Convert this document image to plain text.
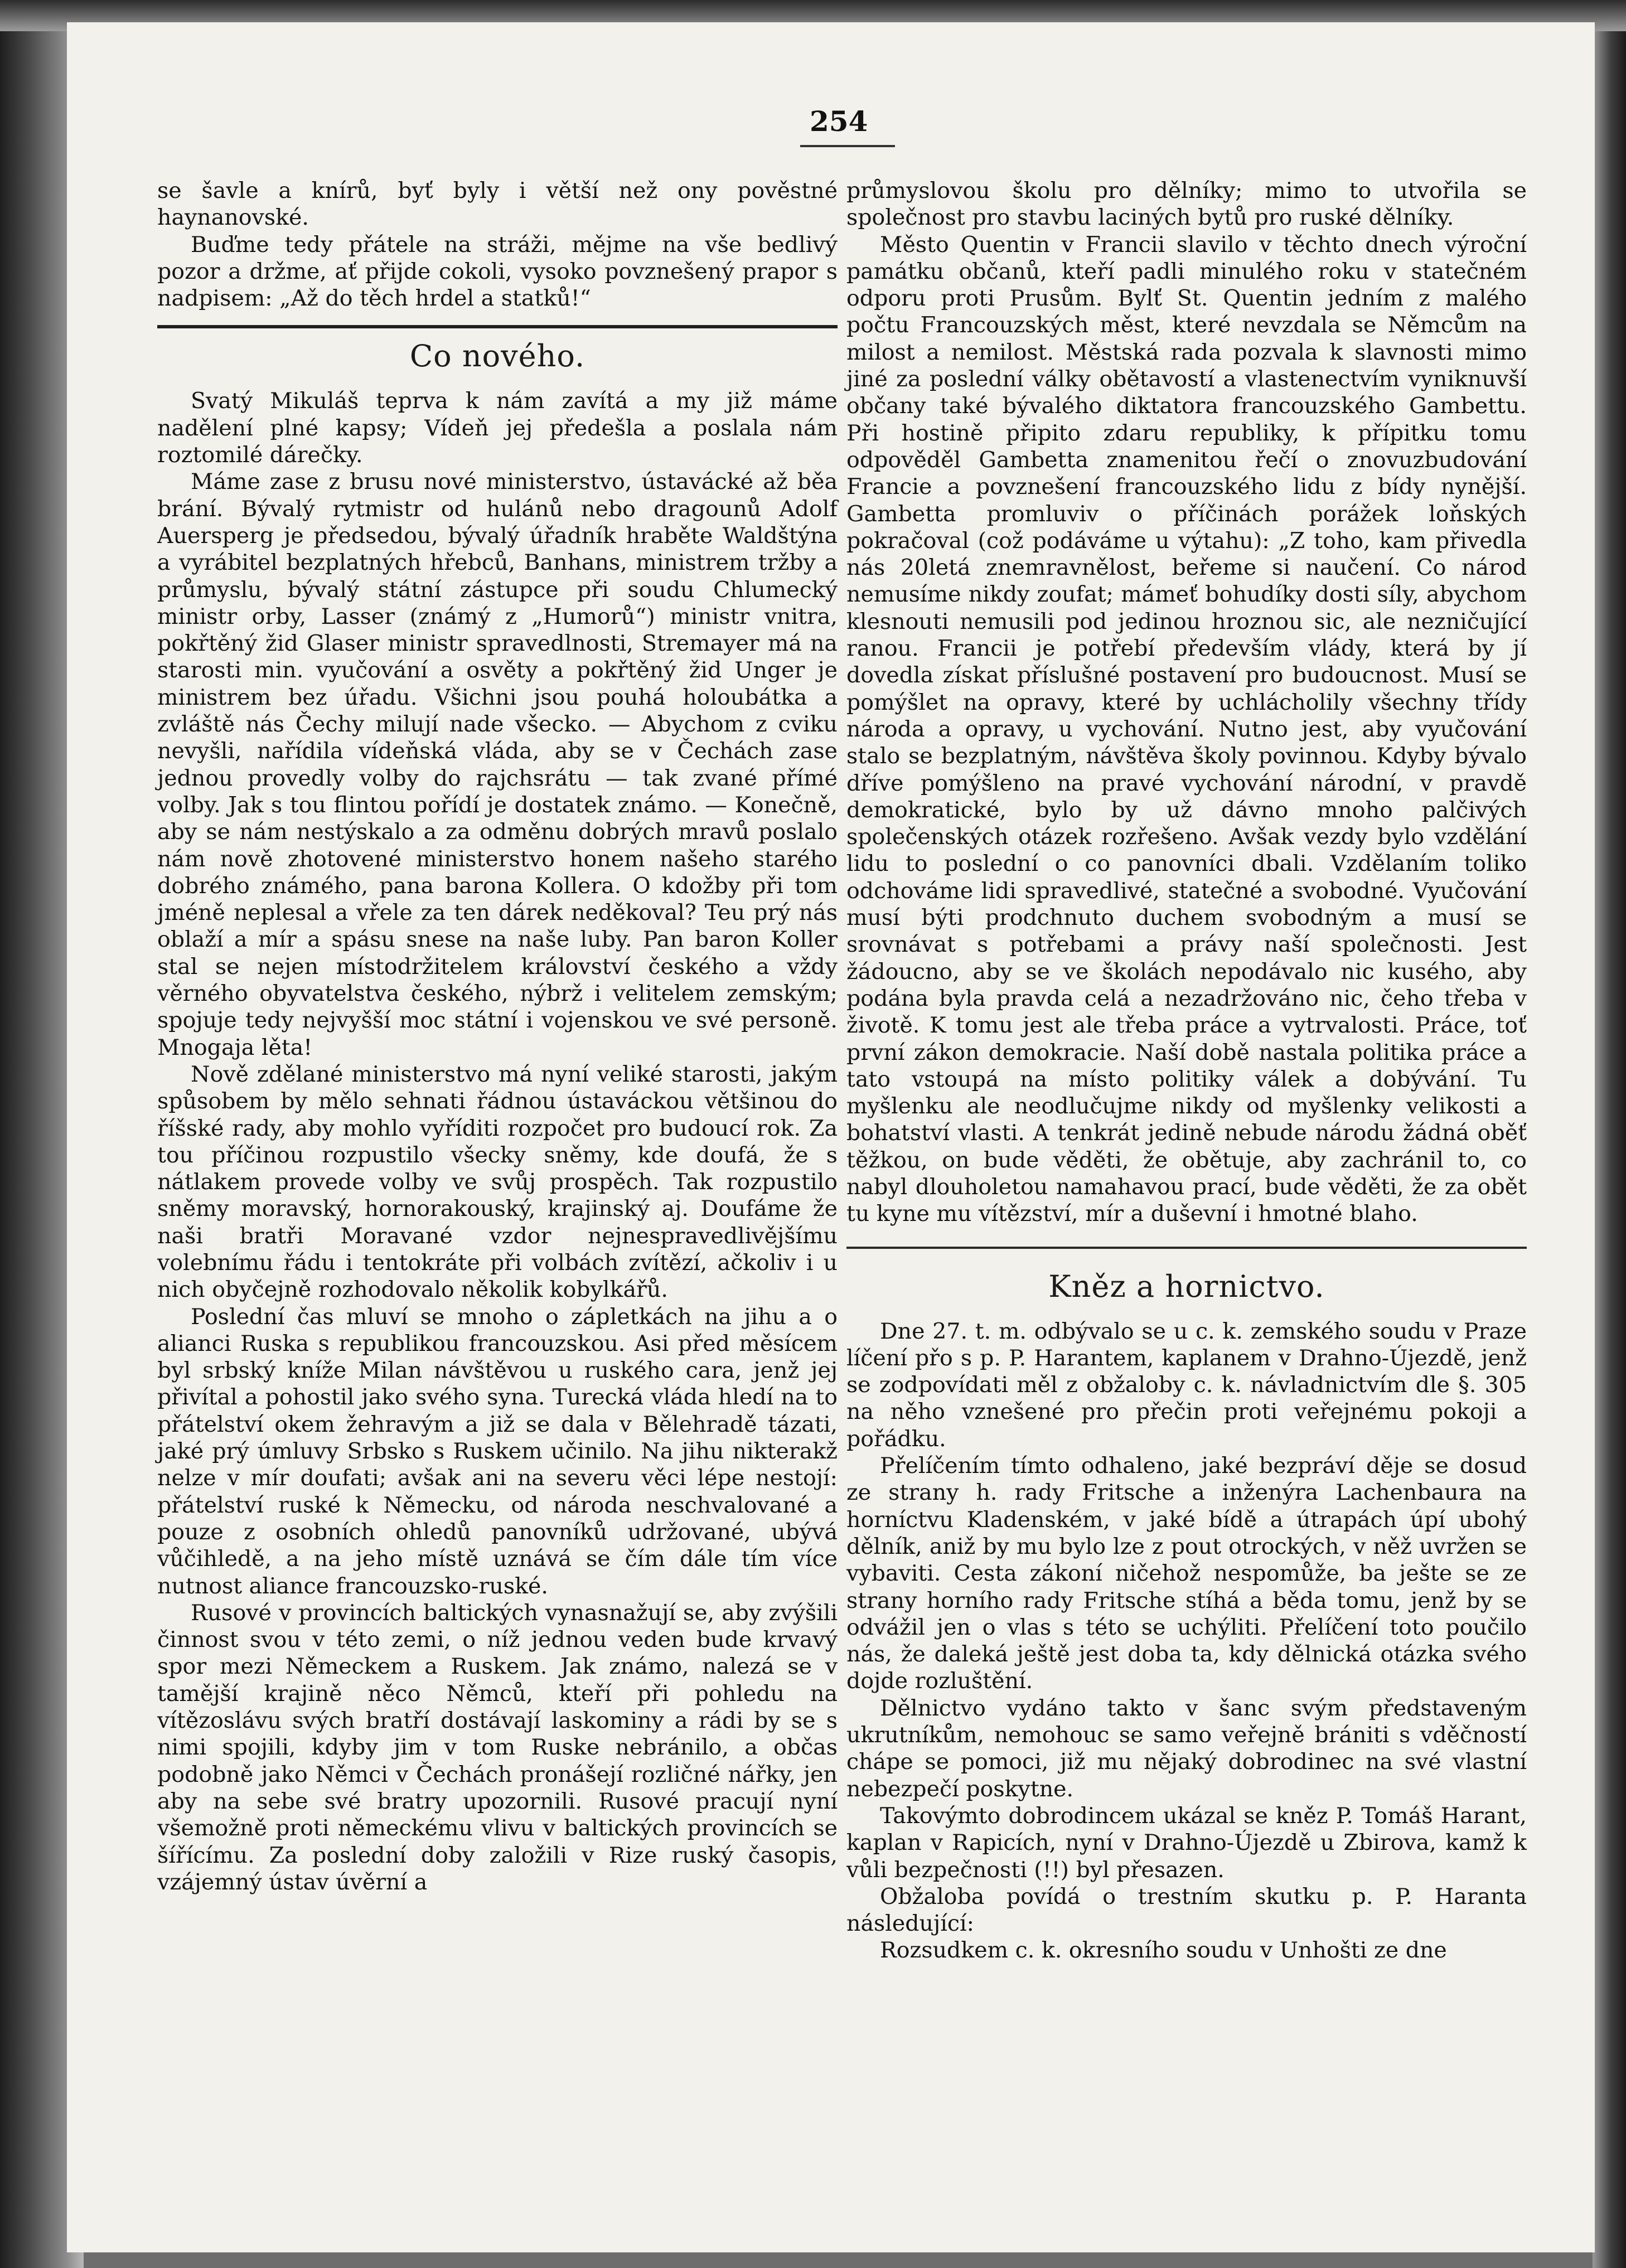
254

se šavle a knírů, byť byly i větší než ony pověstné haynanovské.

Buďme tedy přátele na stráži, mějme na vše bedlivý pozor a držme, ať přijde cokoli, vysoko povznešený prapor s nadpisem: „Až do těch hrdel a statků!“

Co nového.

Svatý Mikuláš teprva k nám zavítá a my již máme nadělení plné kapsy; Vídeň jej předešla a poslala nám roztomilé dárečky.

Máme zase z brusu nové ministerstvo, ústavácké až běa brání. Bývalý rytmistr od hulánů nebo dragounů Adolf Auersperg je předsedou, bývalý úřadník hraběte Waldštýna a vyrábitel bezplatných hřebců, Banhans, ministrem tržby a průmyslu, bývalý státní zástupce při soudu Chlumecký ministr orby, Lasser (známý z „Humorů“) ministr vnitra, pokřtěný žid Glaser ministr spravedlnosti, Stremayer má na starosti min. vyučování a osvěty a pokřtěný žid Unger je ministrem bez úřadu. Všichni jsou pouhá holoubátka a zvláště nás Čechy milují nade všecko. — Abychom z cviku nevyšli, nařídila vídeňská vláda, aby se v Čechách zase jednou provedly volby do rajchsrátu — tak zvané přímé volby. Jak s tou flintou pořídí je dostatek známo. — Konečně, aby se nám nestýskalo a za odměnu dobrých mravů poslalo nám nově zhotovené ministerstvo honem našeho starého dobrého známého, pana barona Kollera. O kdožby při tom jméně neplesal a vřele za ten dárek neděkoval? Teu prý nás oblaží a mír a spásu snese na naše luby. Pan baron Koller stal se nejen místodržitelem království českého a vždy věrného obyvatelstva českého, nýbrž i velitelem zemským; spojuje tedy nejvyšší moc státní i vojenskou ve své personě. Mnogaja lěta!

Nově zdělané ministerstvo má nyní veliké starosti, jakým spůsobem by mělo sehnati řádnou ústaváckou většinou do říšské rady, aby mohlo vyříditi rozpočet pro budoucí rok. Za tou příčinou rozpustilo všecky sněmy, kde doufá, že s nátlakem provede volby ve svůj prospěch. Tak rozpustilo sněmy moravský, hornorakouský, krajinský aj. Doufáme že naši bratři Moravané vzdor nejnespravedlivějšímu volebnímu řádu i tentokráte při volbách zvítězí, ačkoliv i u nich obyčejně rozhodovalo několik kobylkářů.

Poslední čas mluví se mnoho o zápletkách na jihu a o alianci Ruska s republikou francouzskou. Asi před měsícem byl srbský kníže Milan návštěvou u ruského cara, jenž jej přivítal a pohostil jako svého syna. Turecká vláda hledí na to přátelství okem žehravým a již se dala v Bělehradě tázati, jaké prý úmluvy Srbsko s Ruskem učinilo. Na jihu nikterakž nelze v mír doufati; avšak ani na severu věci lépe nestojí: přátelství ruské k Německu, od národa neschvalované a pouze z osobních ohledů panovníků udržované, ubývá vůčihledě, a na jeho místě uznává se čím dále tím více nutnost aliance francouzsko-ruské.

Rusové v provincích baltických vynasnažují se, aby zvýšili činnost svou v této zemi, o níž jednou veden bude krvavý spor mezi Německem a Ruskem. Jak známo, nalezá se v tamější krajině něco Němců, kteří při pohledu na vítězoslávu svých bratří dostávají laskominy a rádi by se s nimi spojili, kdyby jim v tom Ruske nebránilo, a občas podobně jako Němci v Čechách pronášejí rozličné nářky, jen aby na sebe své bratry upozornili. Rusové pracují nyní všemožně proti německému vlivu v baltických provincích se šířícímu. Za poslední doby založili v Rize ruský časopis, vzájemný ústav úvěrní a

průmyslovou školu pro dělníky; mimo to utvořila se společnost pro stavbu laciných bytů pro ruské dělníky.

Město Quentin v Francii slavilo v těchto dnech výroční památku občanů, kteří padli minulého roku v statečném odporu proti Prusům. Bylť St. Quentin jedním z malého počtu Francouzských měst, které nevzdala se Němcům na milost a nemilost. Městská rada pozvala k slavnosti mimo jiné za poslední války obětavostí a vlastenectvím vyniknuvší občany také bývalého diktatora francouzského Gambettu. Při hostině připito zdaru republiky, k přípitku tomu odpověděl Gambetta znamenitou řečí o znovuzbudování Francie a povznešení francouzského lidu z bídy nynější. Gambetta promluviv o příčinách porážek loňských pokračoval (což podáváme u výtahu): „Z toho, kam přivedla nás 20letá znemravnělost, beřeme si naučení. Co národ nemusíme nikdy zoufat; mámeť bohudíky dosti síly, abychom klesnouti nemusili pod jedinou hroznou sic, ale nezničující ranou. Francii je potřebí především vlády, která by jí dovedla získat příslušné postavení pro budoucnost. Musí se pomýšlet na opravy, které by uchlácholily všechny třídy národa a opravy, u vychování. Nutno jest, aby vyučování stalo se bezplatným, návštěva školy povinnou. Kdyby bývalo dříve pomýšleno na pravé vychování národní, v pravdě demokratické, bylo by už dávno mnoho palčivých společenských otázek rozřešeno. Avšak vezdy bylo vzdělání lidu to poslední o co panovníci dbali. Vzdělaním toliko odchováme lidi spravedlivé, statečné a svobodné. Vyučování musí býti prodchnuto duchem svobodným a musí se srovnávat s potřebami a právy naší společnosti. Jest žádoucno, aby se ve školách nepodávalo nic kusého, aby podána byla pravda celá a nezadržováno nic, čeho třeba v životě. K tomu jest ale třeba práce a vytrvalosti. Práce, toť první zákon demokracie. Naší době nastala politika práce a tato vstoupá na místo politiky válek a dobývání. Tu myšlenku ale neodlučujme nikdy od myšlenky velikosti a bohatství vlasti. A tenkrát jedině nebude národu žádná oběť těžkou, on bude věděti, že obětuje, aby zachránil to, co nabyl dlouholetou namahavou prací, bude věděti, že za obět tu kyne mu vítězství, mír a duševní i hmotné blaho.

Kněz a hornictvo.

Dne 27. t. m. odbývalo se u c. k. zemského soudu v Praze líčení přo s p. P. Harantem, kaplanem v Drahno-Újezdě, jenž se zodpovídati měl z obžaloby c. k. návladnictvím dle §. 305 na něho vznešené pro přečin proti veřejnému pokoji a pořádku.

Přelíčením tímto odhaleno, jaké bezpráví děje se dosud ze strany h. rady Fritsche a inženýra Lachenbaura na horníctvu Kladenském, v jaké bídě a útrapách úpí ubohý dělník, aniž by mu bylo lze z pout otrockých, v něž uvržen se vybaviti. Cesta zákoní ničehož nespomůže, ba ješte se ze strany horního rady Fritsche stíhá a běda tomu, jenž by se odvážil jen o vlas s této se uchýliti. Přelíčení toto poučilo nás, že daleká ještě jest doba ta, kdy dělnická otázka svého dojde rozluštění.

Dělnictvo vydáno takto v šanc svým představeným ukrutníkům, nemohouc se samo veřejně brániti s vděčností chápe se pomoci, již mu nějaký dobrodinec na své vlastní nebezpečí poskytne.

Takovýmto dobrodincem ukázal se kněz P. Tomáš Harant, kaplan v Rapicích, nyní v Drahno-Újezdě u Zbirova, kamž k vůli bezpečnosti (!!) byl přesazen.

Obžaloba povídá o trestním skutku p. P. Haranta následující:

Rozsudkem c. k. okresního soudu v Unhošti ze dne
